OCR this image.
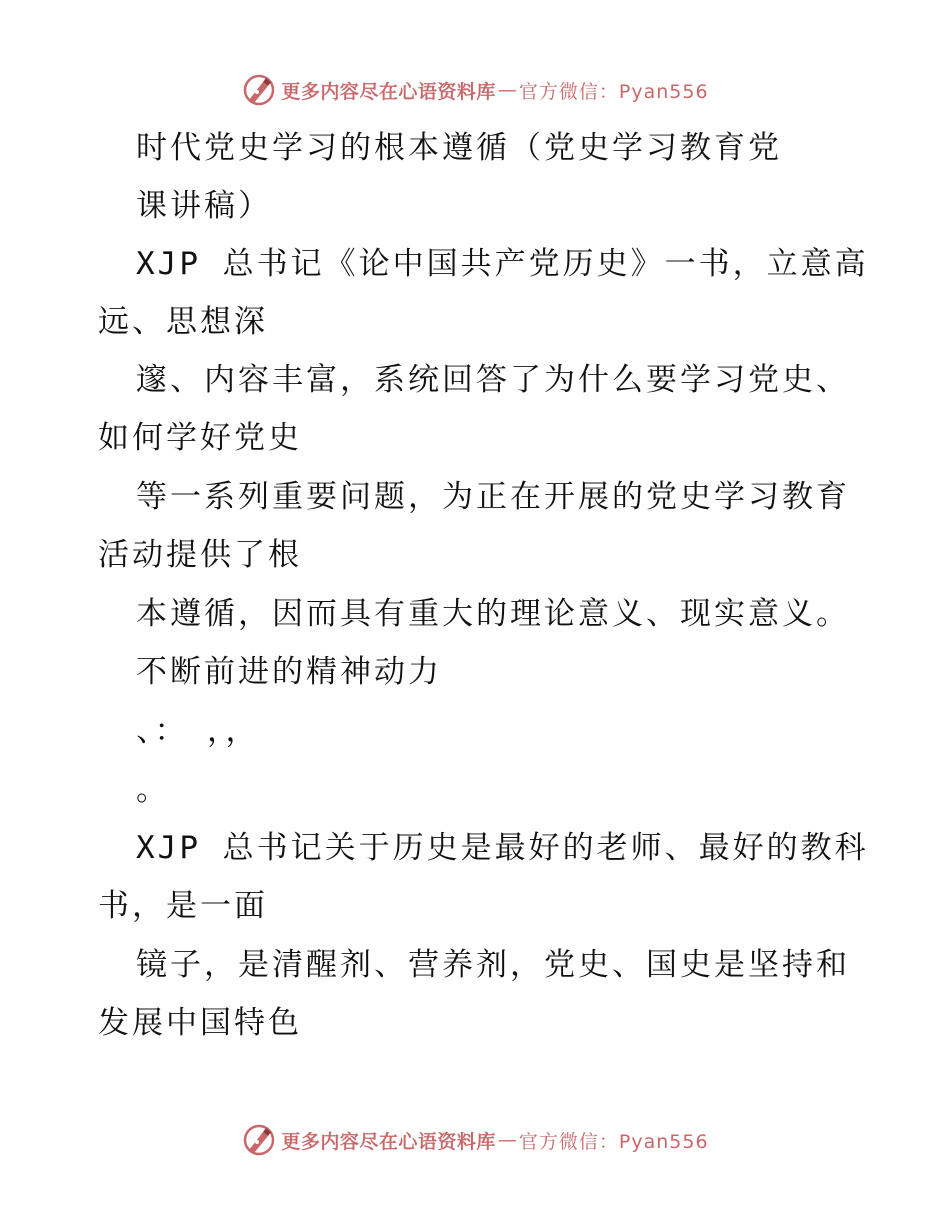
更多内容尽在心语资料库 — 官方微信：Pyan556
时代党史学习的根本遵循（党史学习教育党
课讲稿）
XJP 总书记《论中国共产党历史》一书，立意高
远、思想深
邃、内容丰富，系统回答了为什么要学习党史、
如何学好党史
等一系列重要问题，为正在开展的党史学习教育
活动提供了根
本遵循，因而具有重大的理论意义、现实意义。
不断前进的精神动力
、：　，，
。
XJP 总书记关于历史是最好的老师、最好的教科
书，是一面
镜子，是清醒剂、营养剂，党史、国史是坚持和
发展中国特色
更多内容尽在心语资料库 — 官方微信：Pyan556
